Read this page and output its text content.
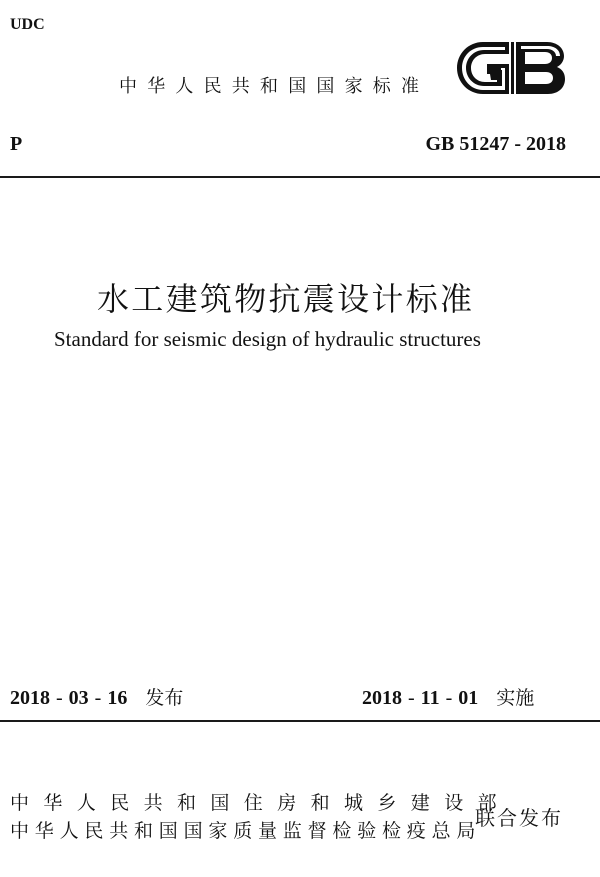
UDC
中华人民共和国国家标准
P	GB 51247 - 2018
水工建筑物抗震设计标准
Standard for seismic design of hydraulic structures
2018 - 03 - 16 发布	2018 - 11 - 01 实施
中华人民共和国住房和城乡建设部
中华人民共和国国家质量监督检验检疫总局
联合发布
